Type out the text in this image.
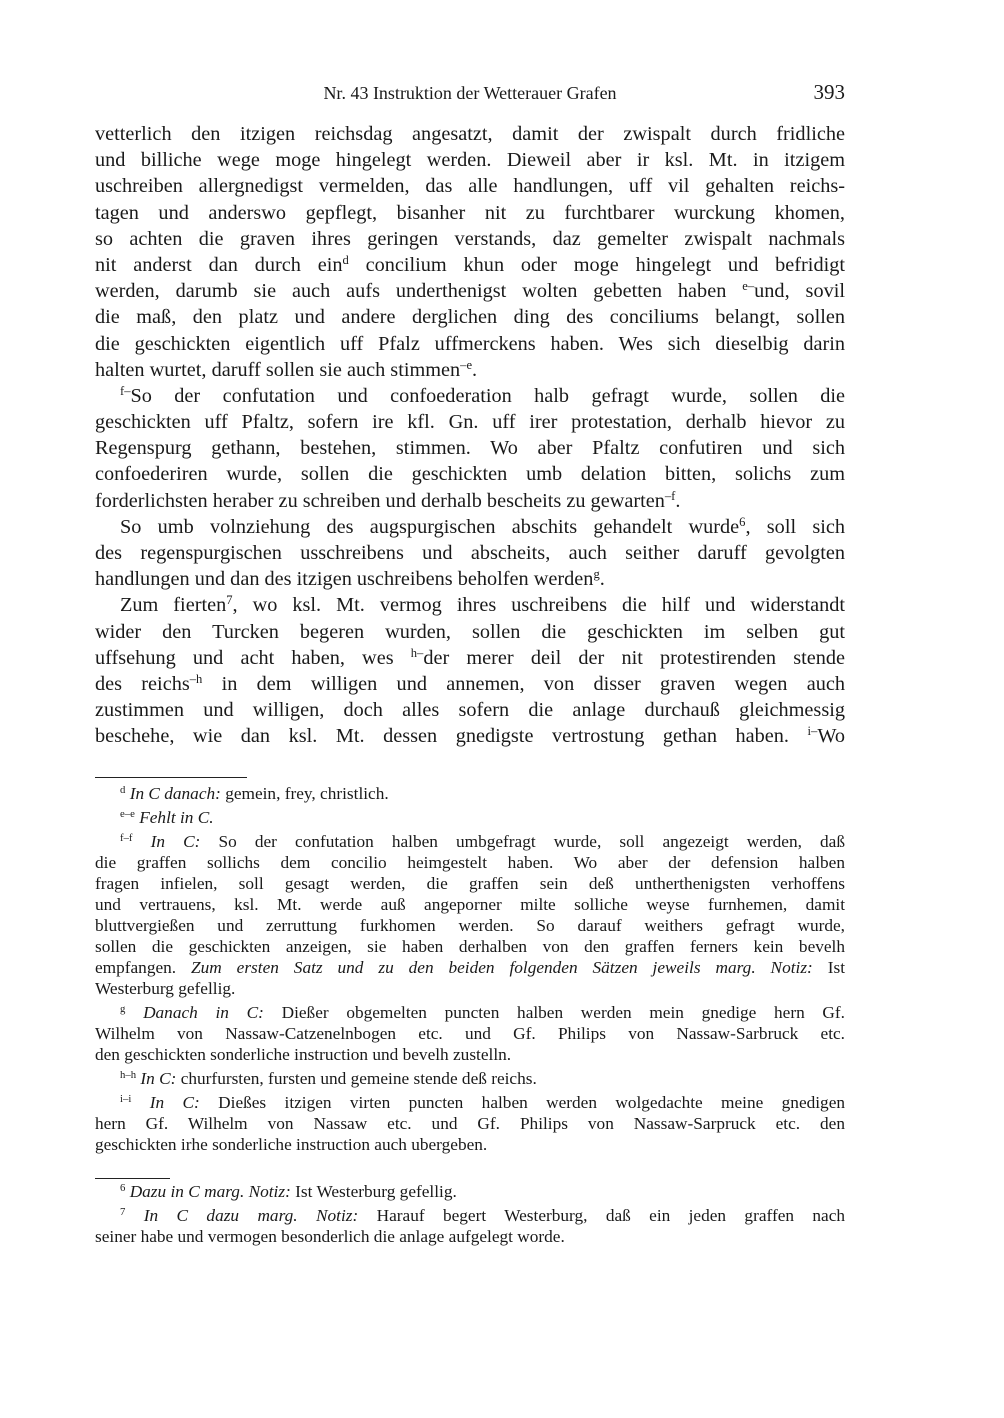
Nr. 43 Instruktion der Wetterauer Grafen	393
vetterlich den itzigen reichsdag angesatzt, damit der zwispalt durch fridliche
und billiche wege moge hingelegt werden. Dieweil aber ir ksl. Mt. in itzigem
uschreiben allergnedigst vermelden, das alle handlungen, uff vil gehalten reichs-
tagen und anderswo gepflegt, bisanher nit zu furchtbarer wurckung khomen,
so achten die graven ihres geringen verstands, daz gemelter zwispalt nachmals
nit anderst dan durch ein$^d$ concilium khun oder moge hingelegt und befridigt
werden, darumb sie auch aufs underthenigst wolten gebetten haben $^{e-}$und, sovil
die maß, den platz und andere derglichen ding des conciliums belangt, sollen
die geschickten eigentlich uff Pfalz uffmerckens haben. Wes sich dieselbig darin
halten wurtet, daruff sollen sie auch stimmen$^{-e}$.
$^{f-}$So der confutation und confoederation halb gefragt wurde, sollen die
geschickten uff Pfaltz, sofern ire kfl. Gn. uff irer protestation, derhalb hievor zu
Regenspurg gethann, bestehen, stimmen. Wo aber Pfaltz confutiren und sich
confoederiren wurde, sollen die geschickten umb delation bitten, solichs zum
forderlichsten heraber zu schreiben und derhalb bescheits zu gewarten$^{-f}$.
So umb volnziehung des augspurgischen abschits gehandelt wurde$^6$, soll sich
des regenspurgischen usschreibens und abscheits, auch seither daruff gevolgten
handlungen und dan des itzigen uschreibens beholfen werden$^g$.
Zum fierten$^7$, wo ksl. Mt. vermog ihres uschreibens die hilf und widerstandt
wider den Turcken begeren wurden, sollen die geschickten im selben gut
uffsehung und acht haben, wes $^{h-}$der merer deil der nit protestirenden stende
des reichs$^{-h}$ in dem willigen und annemen, von disser graven wegen auch
zustimmen und willigen, doch alles sofern die anlage durchauß gleichmessig
beschehe, wie dan ksl. Mt. dessen gnedigste vertrostung gethan haben. $^{i-}$Wo
$^d$ In C danach: gemein, frey, christlich.
$^{e-e}$ Fehlt in C.
$^{f-f}$ In C: So der confutation halben umbgefragt wurde, soll angezeigt werden, daß
die graffen sollichs dem concilio heimgestelt haben. Wo aber der defension halben
fragen infielen, soll gesagt werden, die graffen sein deß untherthenigsten verhoffens
und vertrauens, ksl. Mt. werde auß angeporner milte solliche weyse furnhemen, damit
bluttvergießen und zerruttung furkhomen werden. So darauf weithers gefragt wurde,
sollen die geschickten anzeigen, sie haben derhalben von den graffen ferners kein bevelh
empfangen. Zum ersten Satz und zu den beiden folgenden Sätzen jeweils marg. Notiz: Ist
Westerburg gefellig.
$^g$ Danach in C: Dießer obgemelten puncten halben werden mein gnedige hern Gf.
Wilhelm von Nassaw-Catzenelnbogen etc. und Gf. Philips von Nassaw-Sarbruck etc.
den geschickten sonderliche instruction und bevelh zustelln.
$^{h-h}$ In C: churfursten, fursten und gemeine stende deß reichs.
$^{i-i}$ In C: Dießes itzigen virten puncten halben werden wolgedachte meine gnedigen
hern Gf. Wilhelm von Nassaw etc. und Gf. Philips von Nassaw-Sarpruck etc. den
geschickten irhe sonderliche instruction auch ubergeben.
$^6$ Dazu in C marg. Notiz: Ist Westerburg gefellig.
$^7$ In C dazu marg. Notiz: Harauf begert Westerburg, daß ein jeden graffen nach
seiner habe und vermogen besonderlich die anlage aufgelegt worde.
